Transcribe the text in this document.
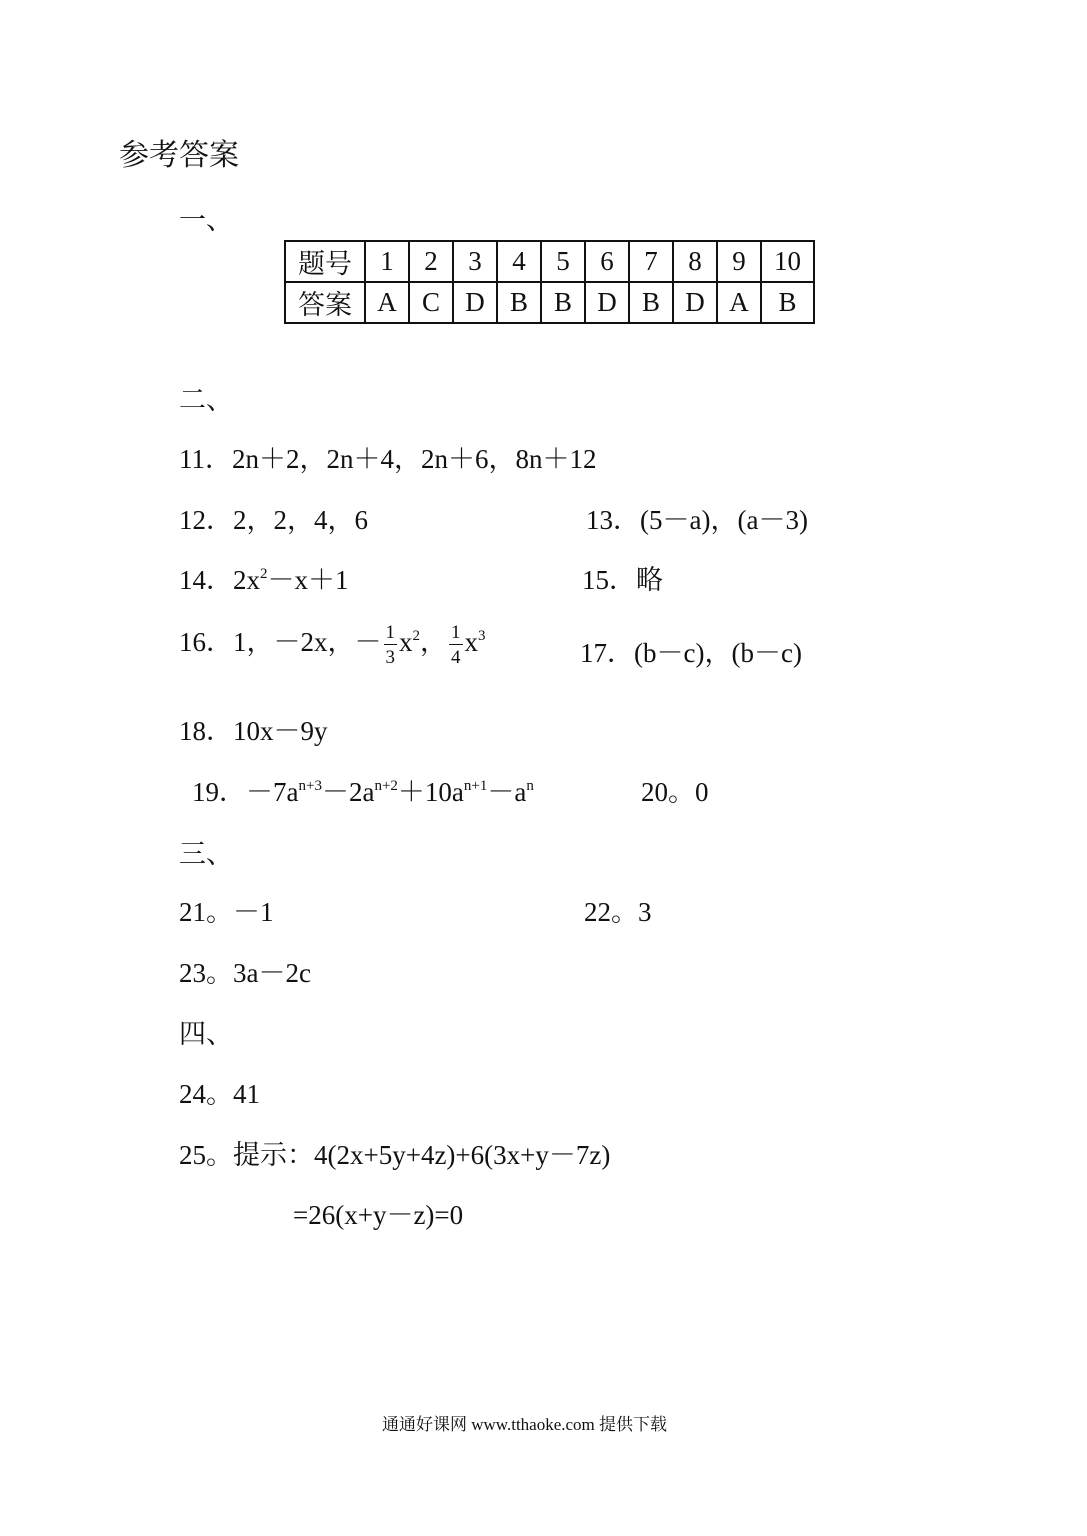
参考答案
一、
题号	1	2	3	4	5	6	7	8	9	10
答案	A	C	D	B	B	D	B	D	A	B
二、
11．2n＋2，2n＋4，2n＋6，8n＋12
12．2，2，4，6	13．(5－a)，(a－3)
14．$2x^2-x+1$	15．略
16．1，－2x，－ $\frac{1}{3} x^2$， $\frac{1}{4} x^3$
17．(b－c)，(b－c)
18．10x－9y
19．$-7a^{n+3}-2a^{n+2}+10a^{n+1}-a^n$	20。0
三、
21。－1	22。3
23。3a－2c
四、
24。41
25。提示：4(2x+5y+4z)+6(3x+y－7z)
=26(x+y－z)=0
通通好课网 www.tthaoke.com 提供下载
